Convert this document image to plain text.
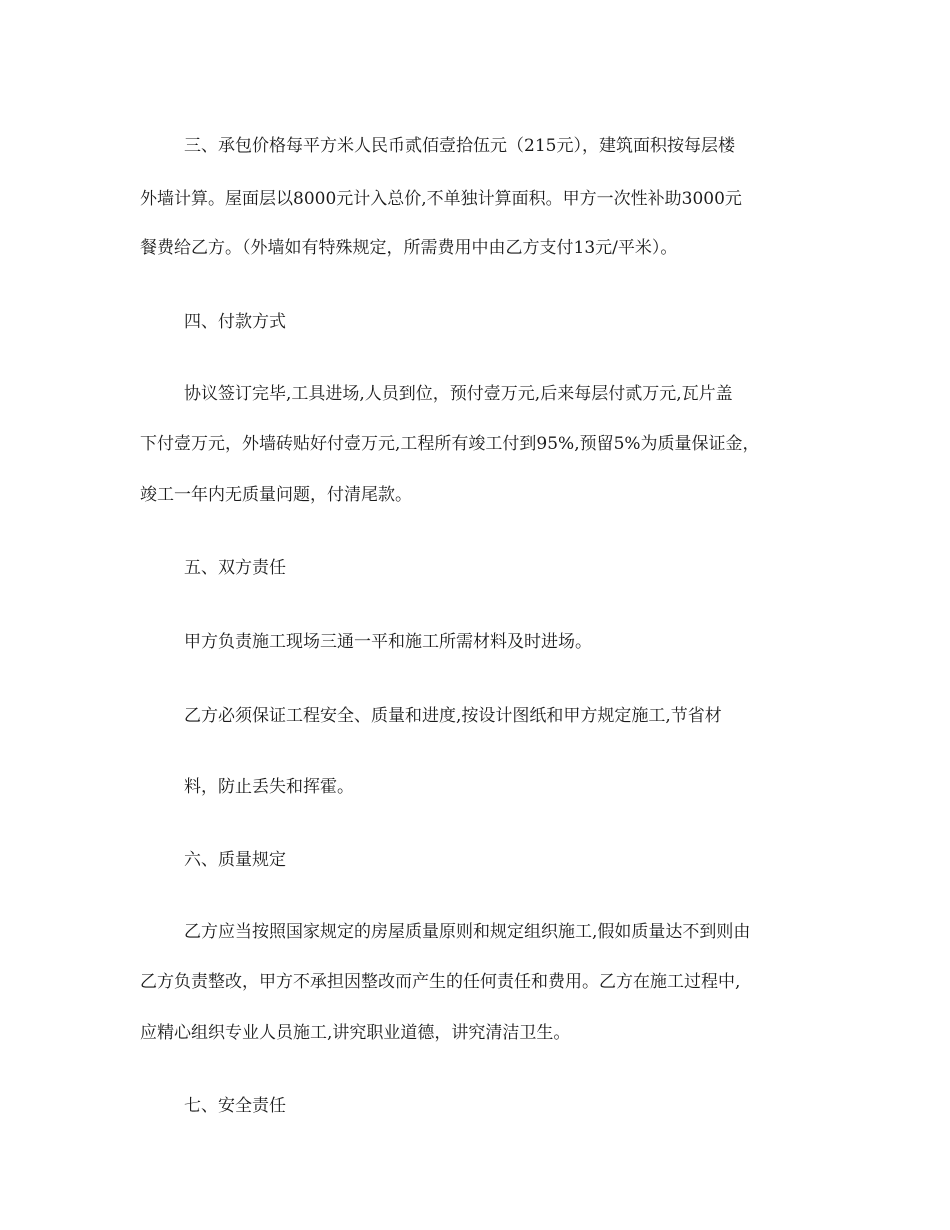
三、承包价格每平方米人民币贰佰壹拾伍元（215元），建筑面积按每层楼
外墙计算。屋面层以8000元计入总价,不单独计算面积。甲方一次性补助3000元
餐费给乙方。（外墙如有特殊规定，所需费用中由乙方支付13元/平米）。
四、付款方式
协议签订完毕,工具进场,人员到位，预付壹万元,后来每层付贰万元,瓦片盖
下付壹万元，外墙砖贴好付壹万元,工程所有竣工付到95%,预留5%为质量保证金，
竣工一年内无质量问题，付清尾款。
五、双方责任
甲方负责施工现场三通一平和施工所需材料及时进场。
乙方必须保证工程安全、质量和进度,按设计图纸和甲方规定施工,节省材
料，防止丢失和挥霍。
六、质量规定
乙方应当按照国家规定的房屋质量原则和规定组织施工,假如质量达不到则由
乙方负责整改，甲方不承担因整改而产生的任何责任和费用。乙方在施工过程中,
应精心组织专业人员施工,讲究职业道德，讲究清洁卫生。
七、安全责任
